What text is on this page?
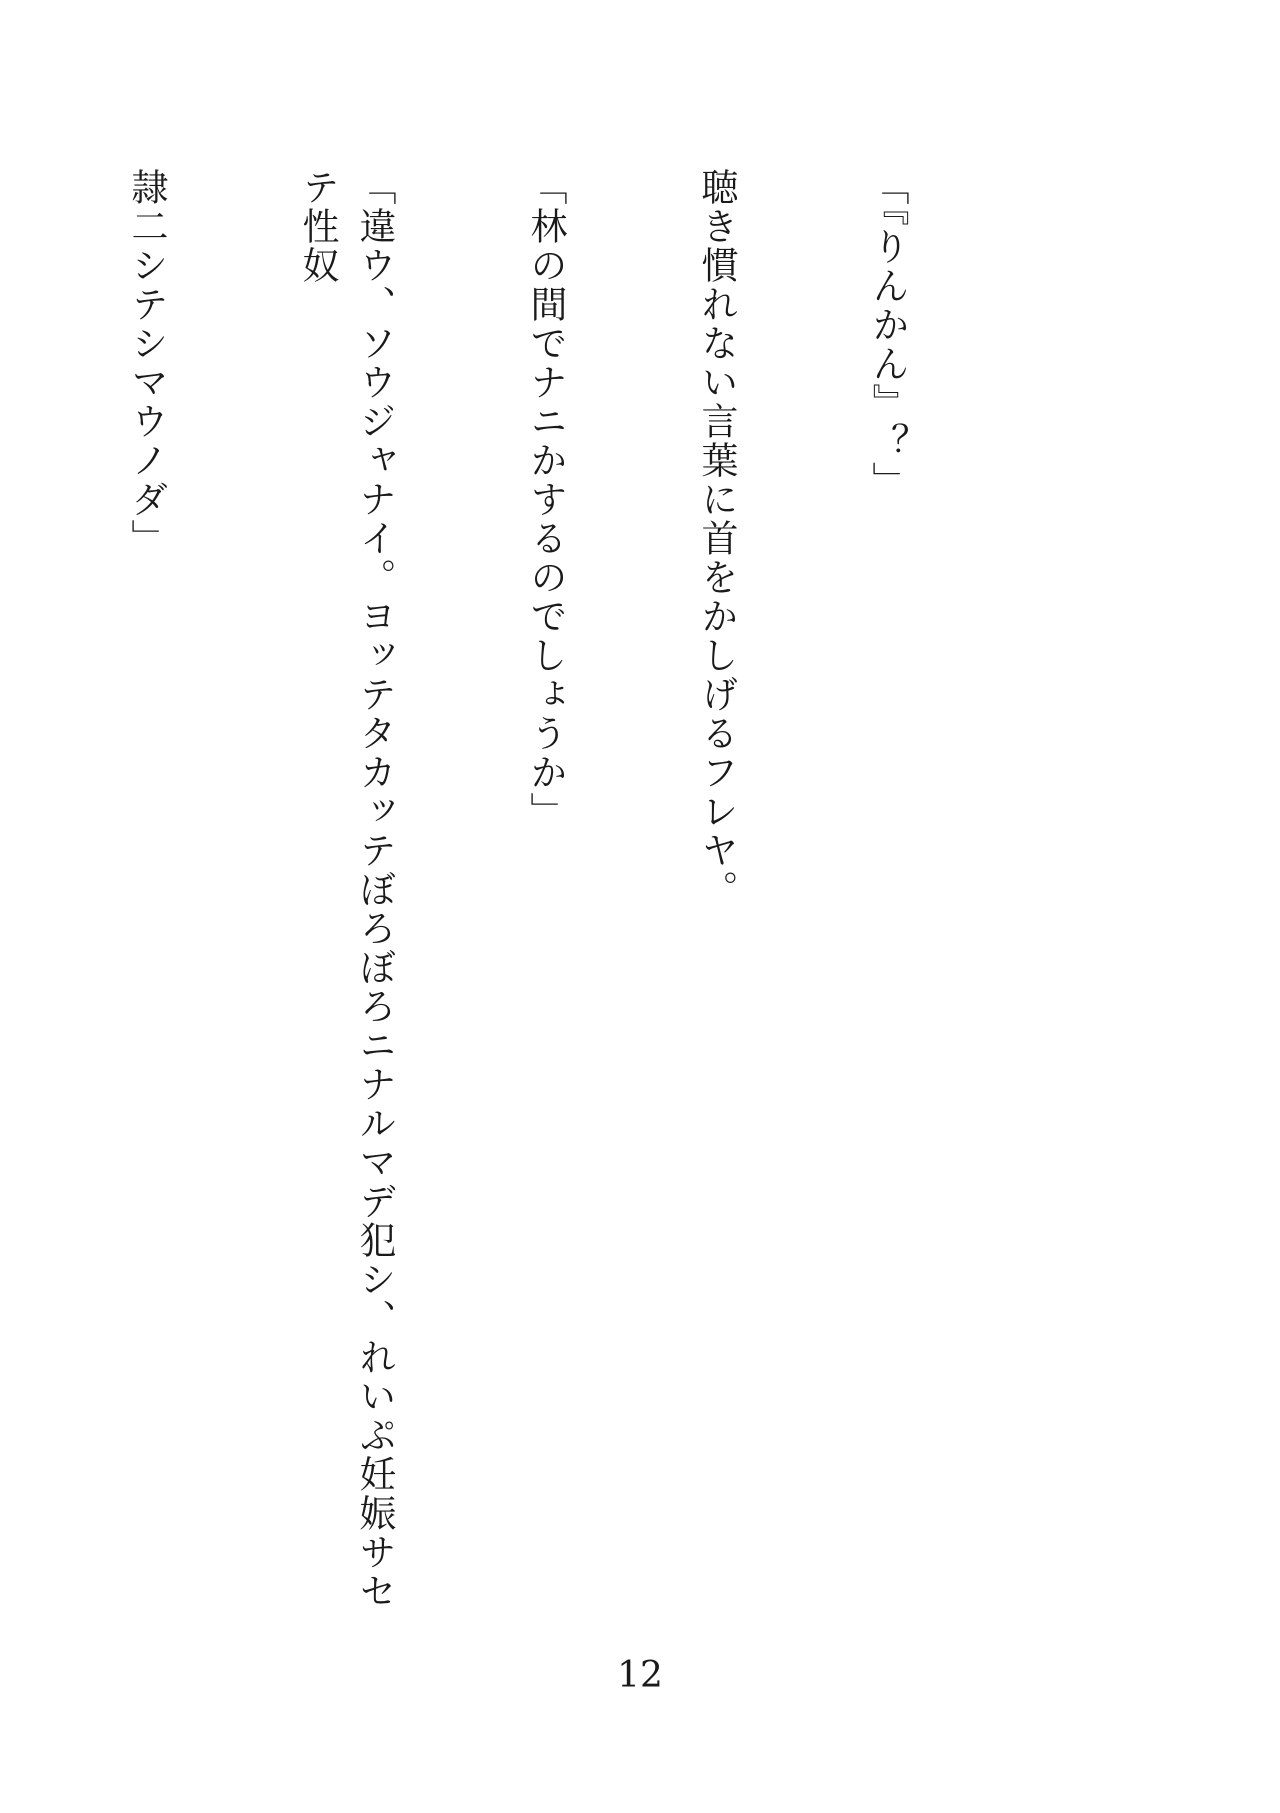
「『りんかん』？」

聴き慣れない言葉に首をかしげるフレヤ。

「林の間でナニかするのでしょうか」

「違ウ、ソウジャナイ。ヨッテタカッテぼろぼろニナルマデ犯シ、れいぷ妊娠サセテ性奴

隷二シテシマウノダ」

12
